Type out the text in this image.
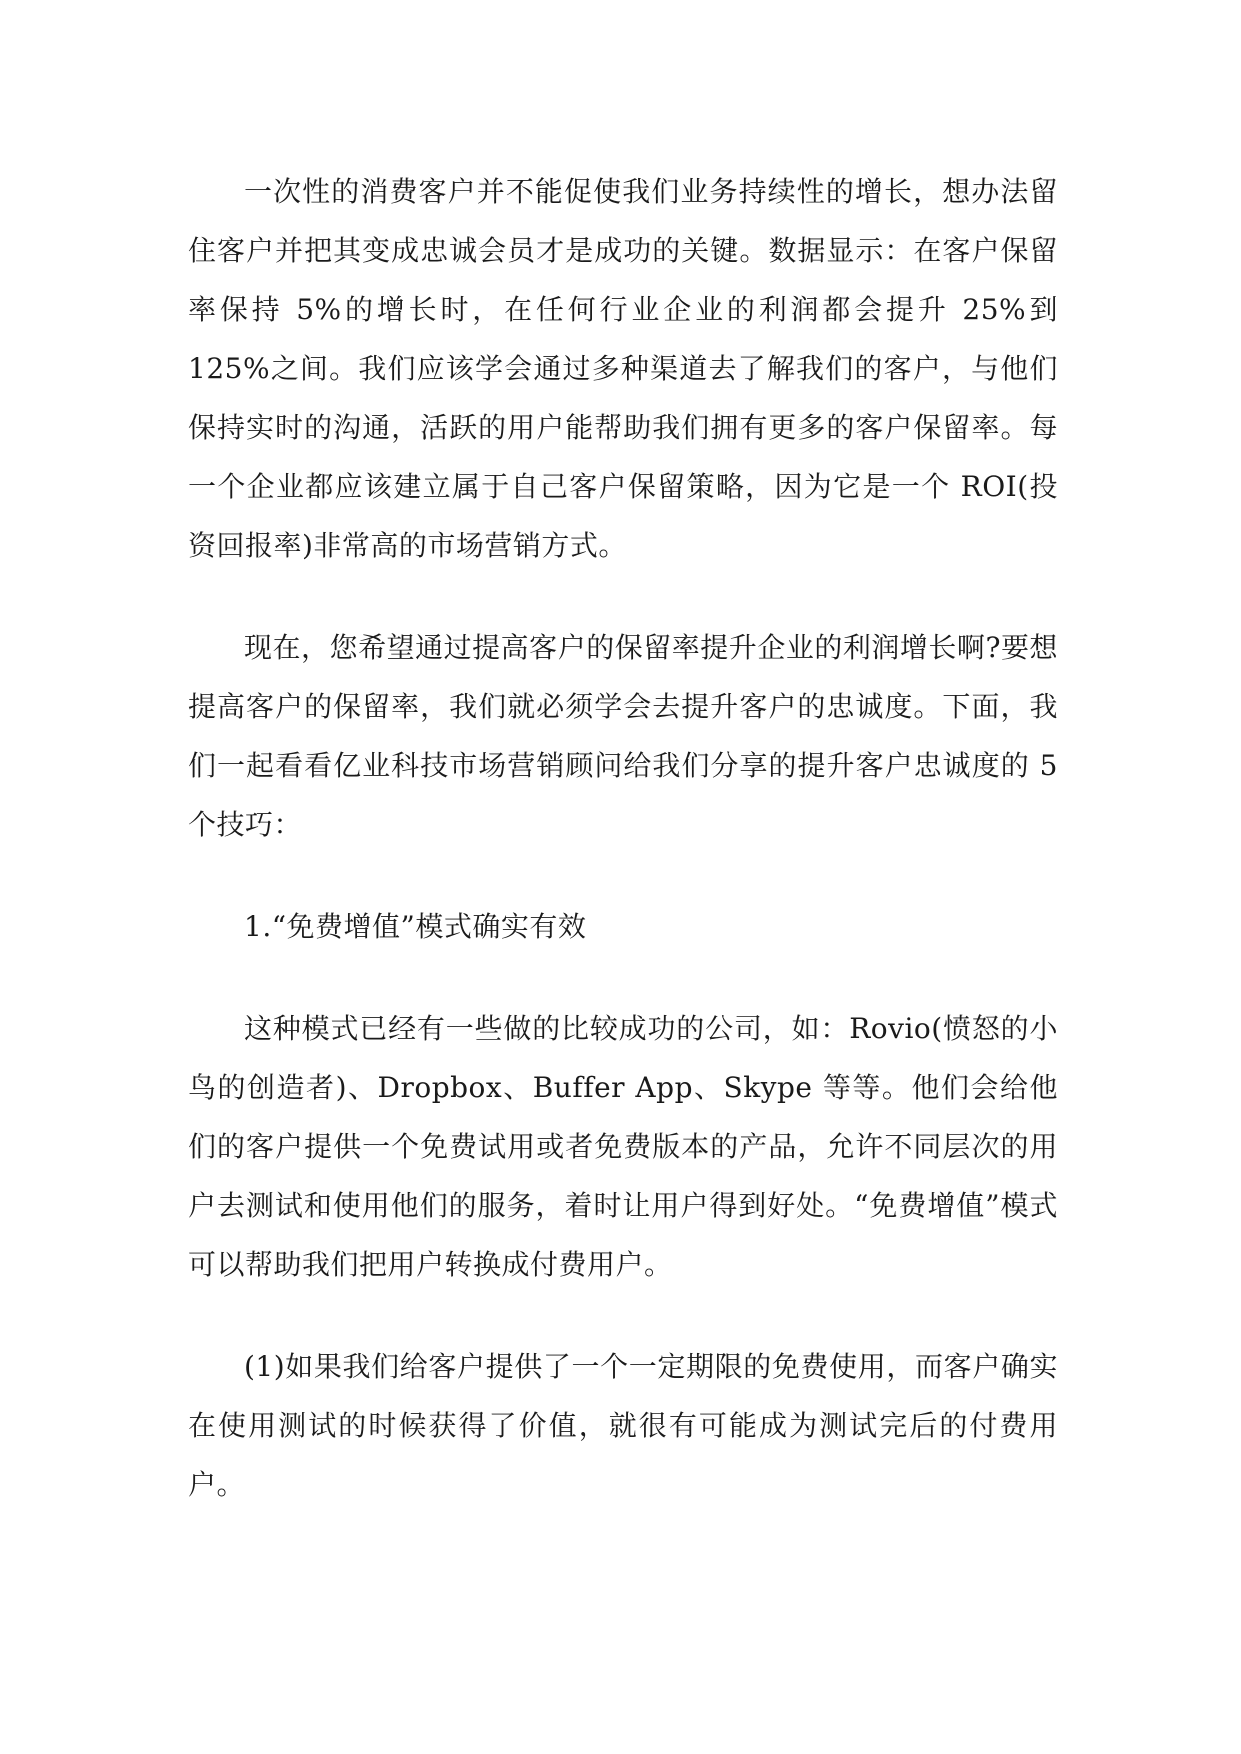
一次性的消费客户并不能促使我们业务持续性的增长，想办法留住客户并把其变成忠诚会员才是成功的关键。数据显示：在客户保留率保持 5%的增长时，在任何行业企业的利润都会提升 25%到 125%之间。我们应该学会通过多种渠道去了解我们的客户，与他们保持实时的沟通，活跃的用户能帮助我们拥有更多的客户保留率。每一个企业都应该建立属于自己客户保留策略，因为它是一个 ROI(投资回报率)非常高的市场营销方式。

现在，您希望通过提高客户的保留率提升企业的利润增长啊?要想提高客户的保留率，我们就必须学会去提升客户的忠诚度。下面，我们一起看看亿业科技市场营销顾问给我们分享的提升客户忠诚度的 5 个技巧：

1.“免费增值”模式确实有效

这种模式已经有一些做的比较成功的公司，如：Rovio(愤怒的小鸟的创造者)、Dropbox、Buffer App、Skype 等等。他们会给他们的客户提供一个免费试用或者免费版本的产品，允许不同层次的用户去测试和使用他们的服务，着时让用户得到好处。“免费增值”模式可以帮助我们把用户转换成付费用户。

(1)如果我们给客户提供了一个一定期限的免费使用，而客户确实在使用测试的时候获得了价值，就很有可能成为测试完后的付费用户。
